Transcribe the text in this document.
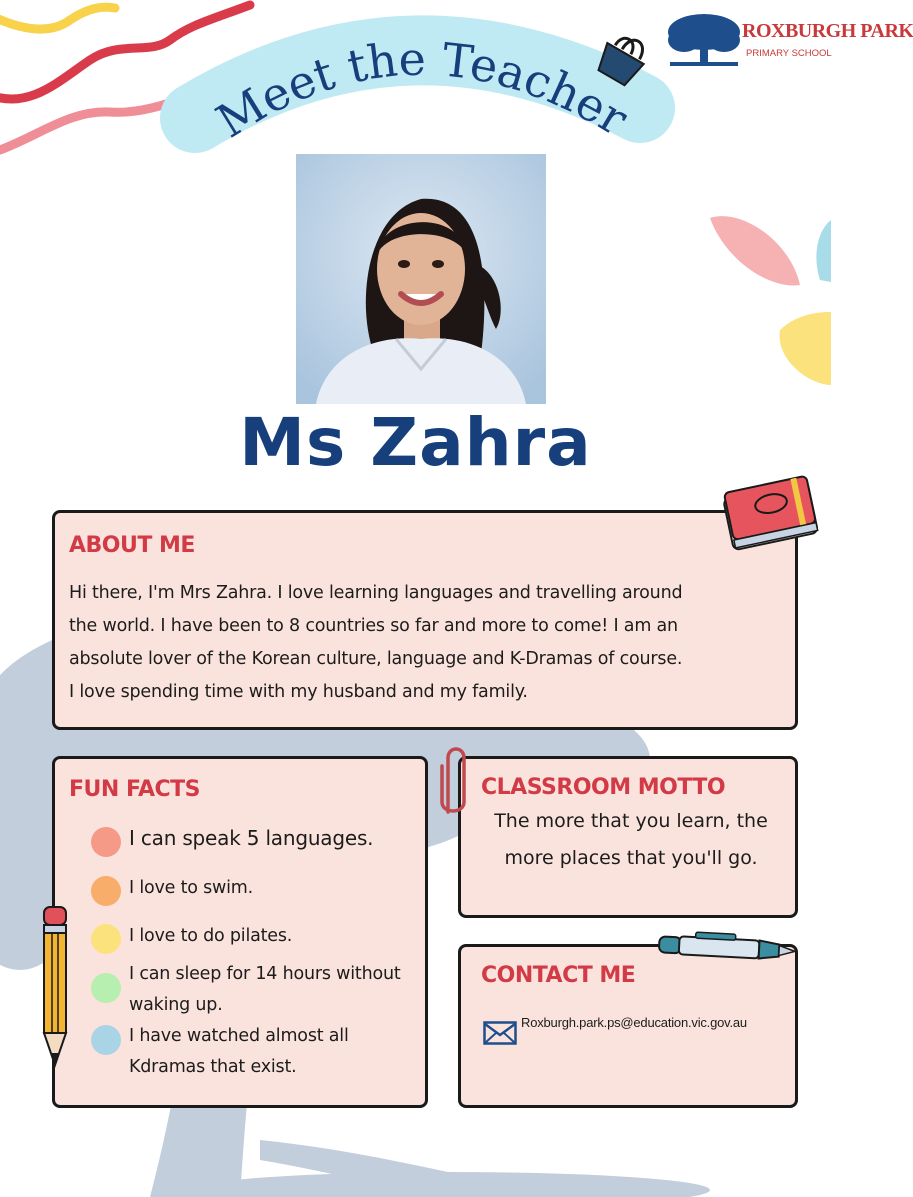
ROXBURGH PARK
PRIMARY SCHOOL
Meet the Teacher
Ms Zahra
ABOUT ME
Hi there, I'm Mrs Zahra. I love learning languages and travelling around
the world. I have been to 8 countries so far and more to come! I am an
absolute lover of the Korean culture, language and K-Dramas of course.
I love spending time with my husband and my family.
FUN FACTS
I can speak 5 languages.
I love to swim.
I love to do pilates.
I can sleep for 14 hours without waking up.
I have watched almost all Kdramas that exist.
CLASSROOM MOTTO
The more that you learn, the
more places that you'll go.
CONTACT ME
Roxburgh.park.ps@education.vic.gov.au
